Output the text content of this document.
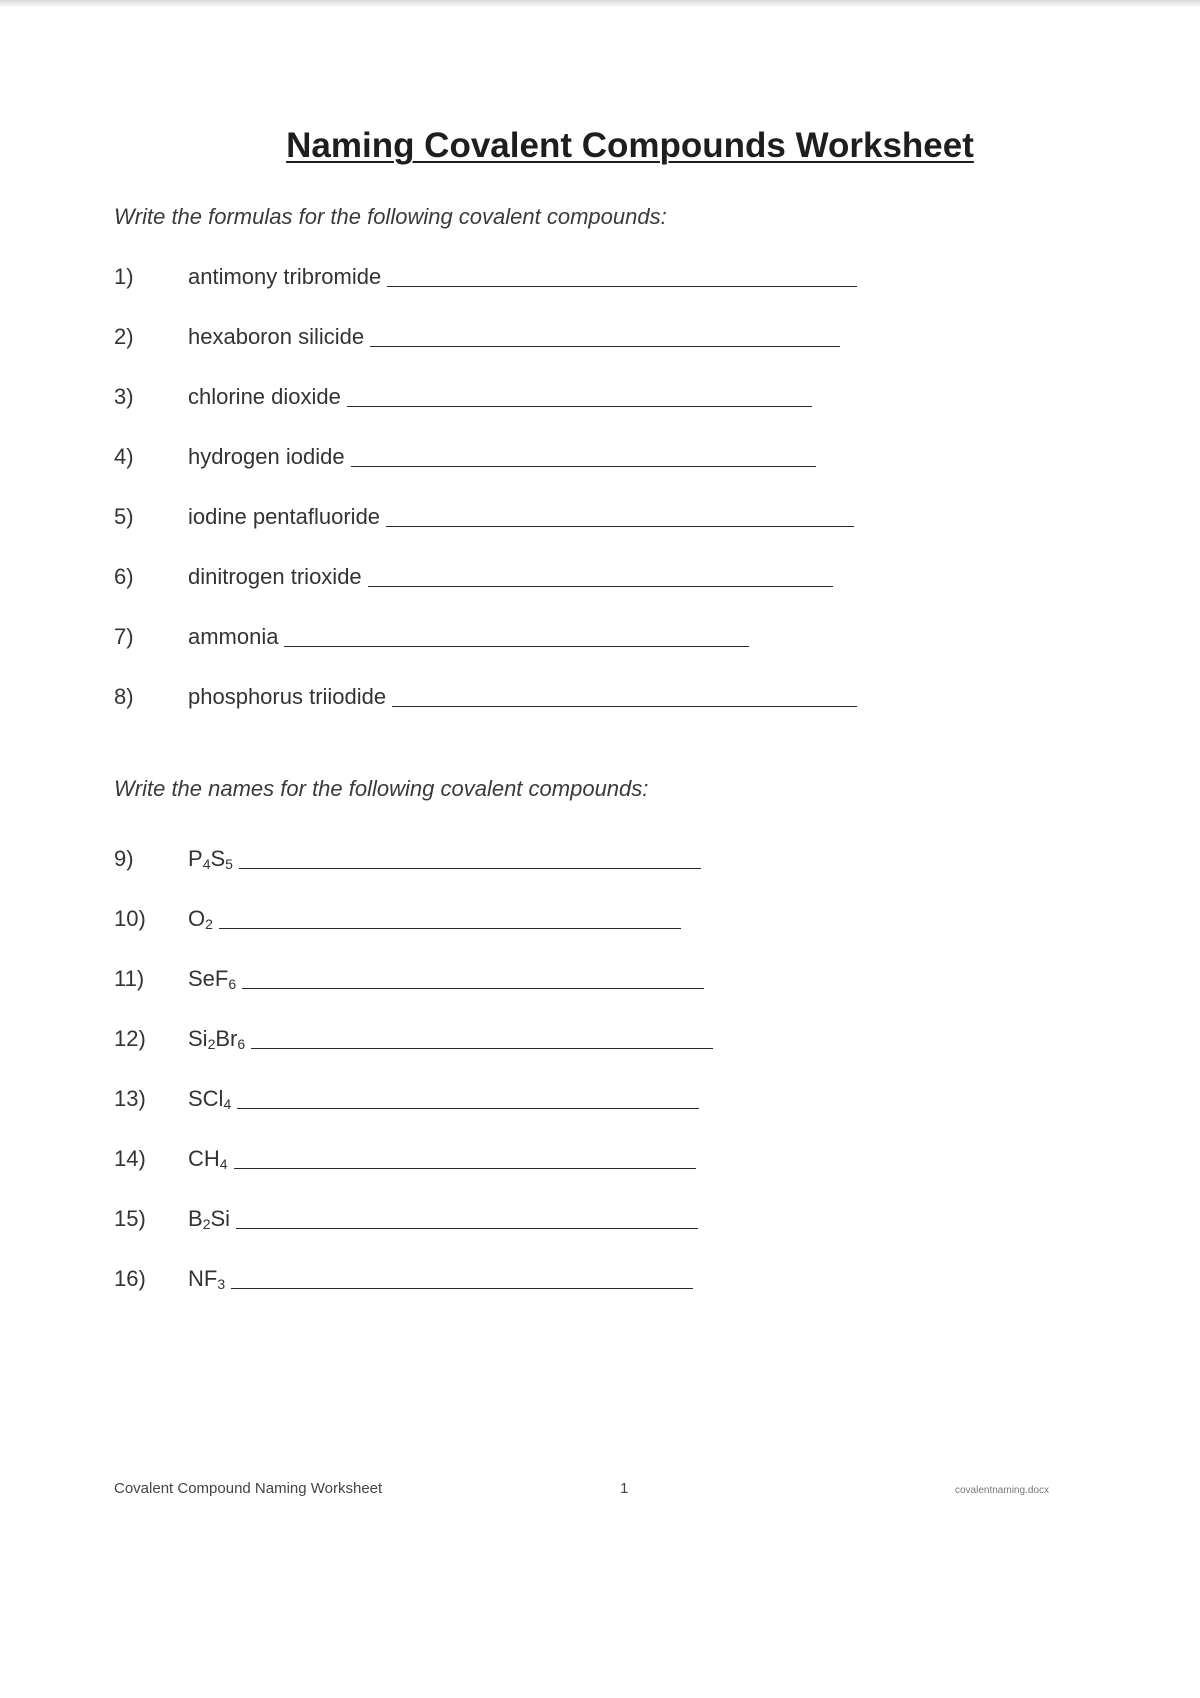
Naming Covalent Compounds Worksheet

Write the formulas for the following covalent compounds:

1)	antimony tribromide
2)	hexaboron silicide
3)	chlorine dioxide
4)	hydrogen iodide
5)	iodine pentafluoride
6)	dinitrogen trioxide
7)	ammonia
8)	phosphorus triiodide

Write the names for the following covalent compounds:

9)	$P_4S_5$
10)	$O_2$
11)	SeF$_6$
12)	$Si_2Br_6$
13)	SCl$_4$
14)	$CH_4$
15)	$B_2Si$
16)	$NF_3$
Covalent Compound Naming Worksheet	1	covalentnaming.docx
